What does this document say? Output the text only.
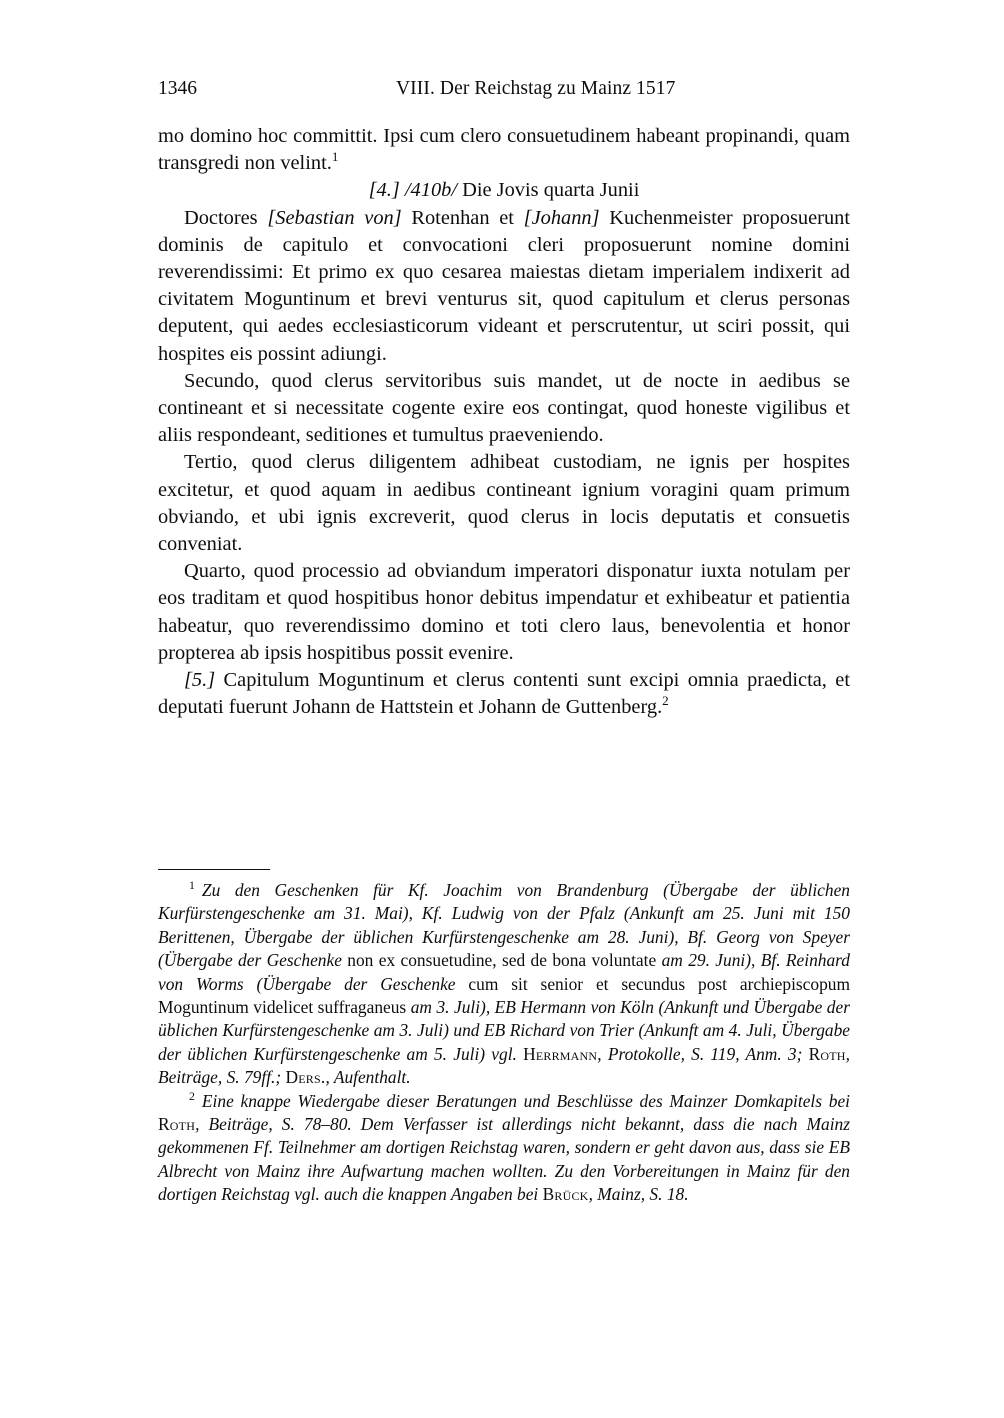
1346	VIII. Der Reichstag zu Mainz 1517

mo domino hoc committit. Ipsi cum clero consuetudinem habeant propinandi, quam transgredi non velint.$^1$

[4.] /410b/ Die Jovis quarta Junii

Doctores [Sebastian von] Rotenhan et [Johann] Kuchenmeister proposuerunt dominis de capitulo et convocationi cleri proposuerunt nomine domini reverendissimi: Et primo ex quo cesarea maiestas dietam imperialem indixerit ad civitatem Moguntinum et brevi venturus sit, quod capitulum et clerus personas deputent, qui aedes ecclesiasticorum videant et perscrutentur, ut sciri possit, qui hospites eis possint adiungi.

Secundo, quod clerus servitoribus suis mandet, ut de nocte in aedibus se contineant et si necessitate cogente exire eos contingat, quod honeste vigilibus et aliis respondeant, seditiones et tumultus praeveniendo.

Tertio, quod clerus diligentem adhibeat custodiam, ne ignis per hospites excitetur, et quod aquam in aedibus contineant ignium voragini quam primum obviando, et ubi ignis excreverit, quod clerus in locis deputatis et consuetis conveniat.

Quarto, quod processio ad obviandum imperatori disponatur iuxta notulam per eos traditam et quod hospitibus honor debitus impendatur et exhibeatur et patientia habeatur, quo reverendissimo domino et toti clero laus, benevolentia et honor propterea ab ipsis hospitibus possit evenire.

[5.] Capitulum Moguntinum et clerus contenti sunt excipi omnia praedicta, et deputati fuerunt Johann de Hattstein et Johann de Guttenberg.$^2$

$^1$ Zu den Geschenken für Kf. Joachim von Brandenburg (Übergabe der üblichen Kurfürstengeschenke am 31. Mai), Kf. Ludwig von der Pfalz (Ankunft am 25. Juni mit 150 Berittenen, Übergabe der üblichen Kurfürstengeschenke am 28. Juni), Bf. Georg von Speyer (Übergabe der Geschenke non ex consuetudine, sed de bona voluntate am 29. Juni), Bf. Reinhard von Worms (Übergabe der Geschenke cum sit senior et secundus post archiepiscopum Moguntinum videlicet suffraganeus am 3. Juli), EB Hermann von Köln (Ankunft und Übergabe der üblichen Kurfürstengeschenke am 3. Juli) und EB Richard von Trier (Ankunft am 4. Juli, Übergabe der üblichen Kurfürstengeschenke am 5. Juli) vgl. Herrmann, Protokolle, S. 119, Anm. 3; Roth, Beiträge, S. 79ff.; Ders., Aufenthalt.

$^2$ Eine knappe Wiedergabe dieser Beratungen und Beschlüsse des Mainzer Domkapitels bei Roth, Beiträge, S. 78–80. Dem Verfasser ist allerdings nicht bekannt, dass die nach Mainz gekommenen Ff. Teilnehmer am dortigen Reichstag waren, sondern er geht davon aus, dass sie EB Albrecht von Mainz ihre Aufwartung machen wollten. Zu den Vorbereitungen in Mainz für den dortigen Reichstag vgl. auch die knappen Angaben bei Brück, Mainz, S. 18.
